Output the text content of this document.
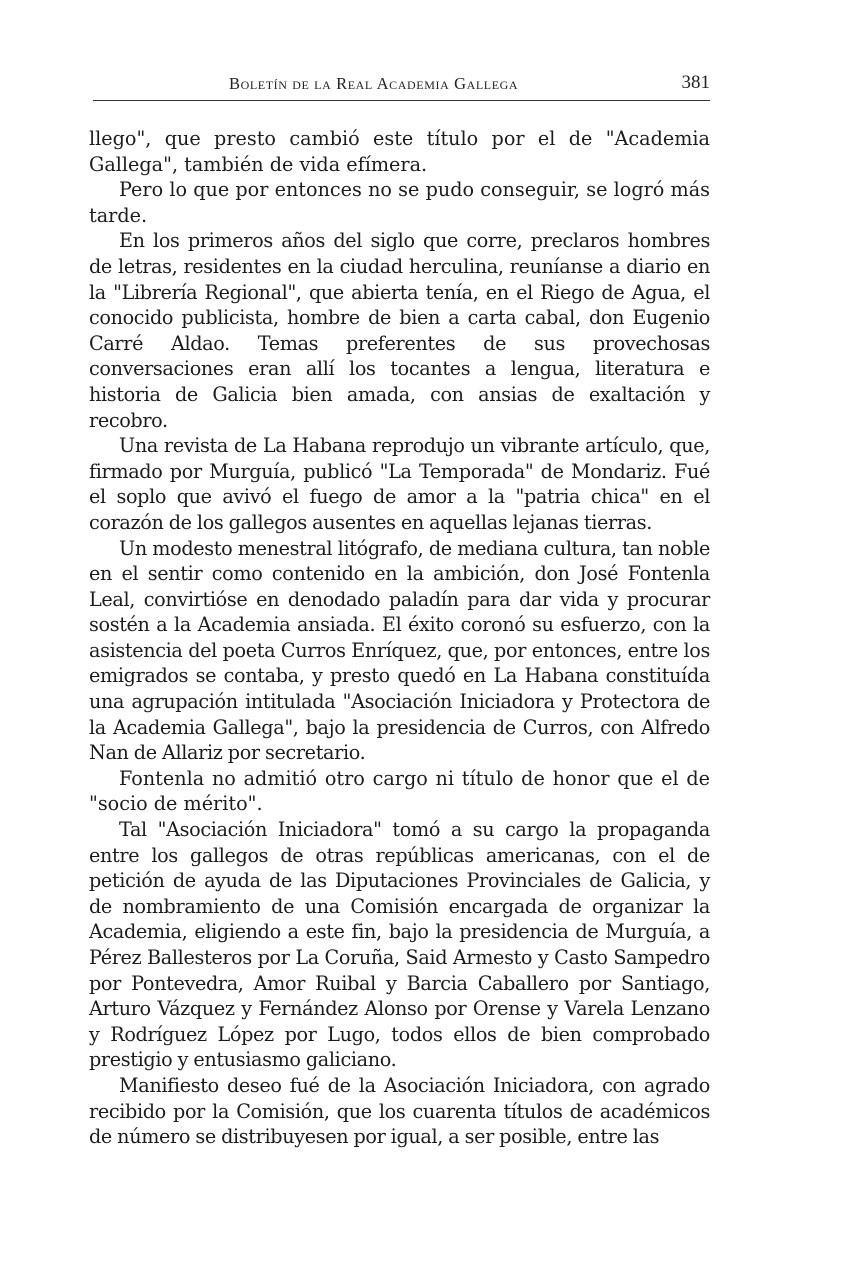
Boletín de la Real Academia Gallega	381

llego", que presto cambió este título por el de "Academia Gallega", también de vida efímera.

Pero lo que por entonces no se pudo conseguir, se logró más tarde.

En los primeros años del siglo que corre, preclaros hombres de letras, residentes en la ciudad herculina, reuníanse a diario en la "Librería Regional", que abierta tenía, en el Riego de Agua, el conocido publicista, hombre de bien a carta cabal, don Eugenio Carré Aldao. Temas preferentes de sus provechosas conversaciones eran allí los tocantes a lengua, literatura e historia de Galicia bien amada, con ansias de exaltación y recobro.

Una revista de La Habana reprodujo un vibrante artículo, que, firmado por Murguía, publicó "La Temporada" de Mondariz. Fué el soplo que avivó el fuego de amor a la "patria chica" en el corazón de los gallegos ausentes en aquellas lejanas tierras.

Un modesto menestral litógrafo, de mediana cultura, tan noble en el sentir como contenido en la ambición, don José Fontenla Leal, convirtióse en denodado paladín para dar vida y procurar sostén a la Academia ansiada. El éxito coronó su esfuerzo, con la asistencia del poeta Curros Enríquez, que, por entonces, entre los emigrados se contaba, y presto quedó en La Habana constituída una agrupación intitulada "Asociación Iniciadora y Protectora de la Academia Gallega", bajo la presidencia de Curros, con Alfredo Nan de Allariz por secretario.

Fontenla no admitió otro cargo ni título de honor que el de "socio de mérito".

Tal "Asociación Iniciadora" tomó a su cargo la propaganda entre los gallegos de otras repúblicas americanas, con el de petición de ayuda de las Diputaciones Provinciales de Galicia, y de nombramiento de una Comisión encargada de organizar la Academia, eligiendo a este fin, bajo la presidencia de Murguía, a Pérez Ballesteros por La Coruña, Said Armesto y Casto Sampedro por Pontevedra, Amor Ruibal y Barcia Caballero por Santiago, Arturo Vázquez y Fernández Alonso por Orense y Varela Lenzano y Rodríguez López por Lugo, todos ellos de bien comprobado prestigio y entusiasmo galiciano.

Manifiesto deseo fué de la Asociación Iniciadora, con agrado recibido por la Comisión, que los cuarenta títulos de académicos de número se distribuyesen por igual, a ser posible, entre las
